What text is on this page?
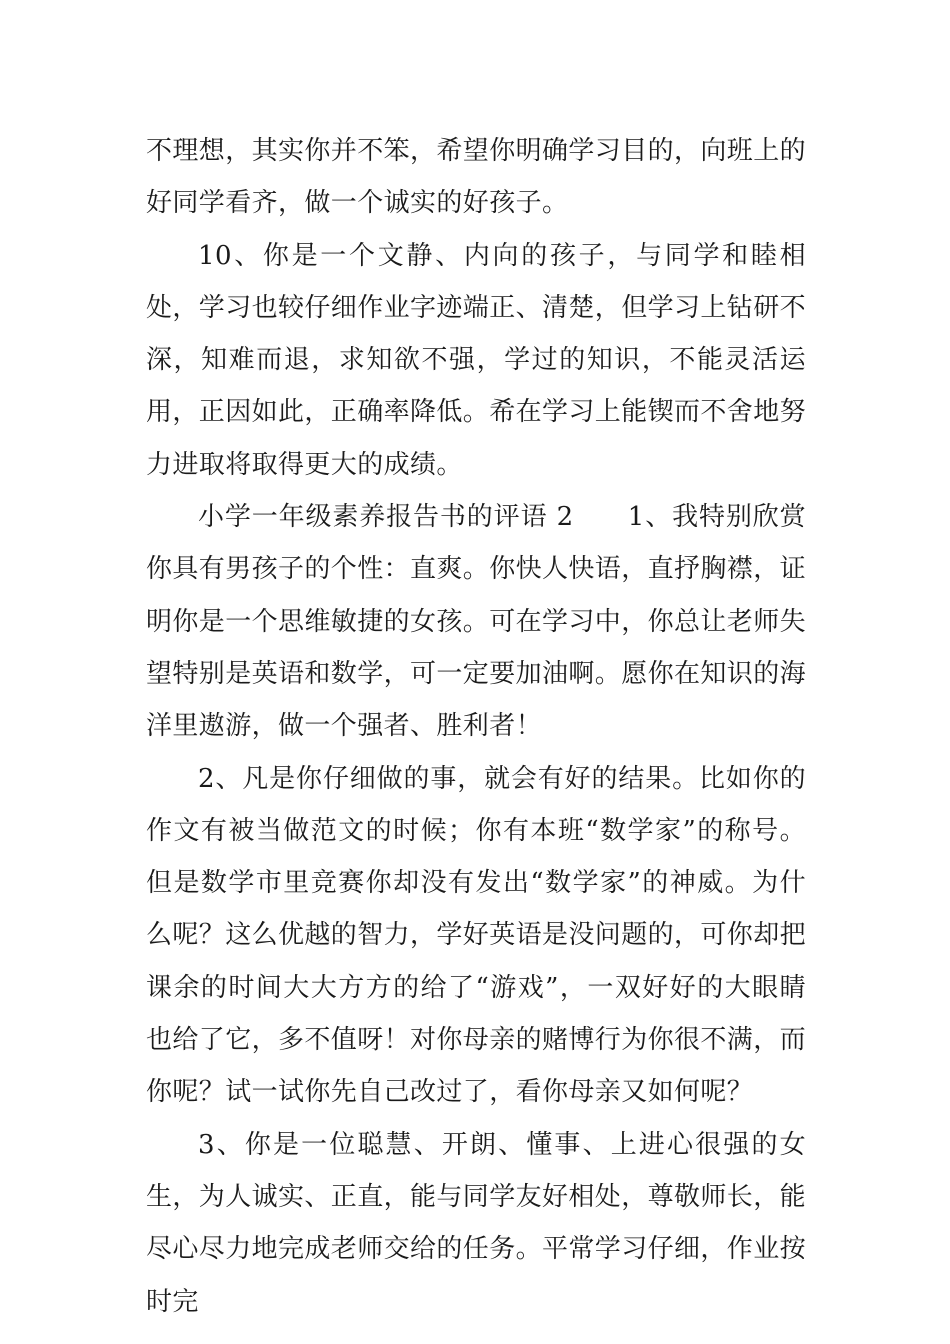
不理想，其实你并不笨，希望你明确学习目的，向班上的好同学看齐，做一个诚实的好孩子。

10、你是一个文静、内向的孩子，与同学和睦相处，学习也较仔细作业字迹端正、清楚，但学习上钻研不深，知难而退，求知欲不强，学过的知识，不能灵活运用，正因如此，正确率降低。希在学习上能锲而不舍地努力进取将取得更大的成绩。

小学一年级素养报告书的评语 2　　1、我特别欣赏你具有男孩子的个性：直爽。你快人快语，直抒胸襟，证明你是一个思维敏捷的女孩。可在学习中，你总让老师失望特别是英语和数学，可一定要加油啊。愿你在知识的海洋里遨游，做一个强者、胜利者！

2、凡是你仔细做的事，就会有好的结果。比如你的作文有被当做范文的时候；你有本班“数学家”的称号。但是数学市里竞赛你却没有发出“数学家”的神威。为什么呢？这么优越的智力，学好英语是没问题的，可你却把课余的时间大大方方的给了“游戏”，一双好好的大眼睛也给了它，多不值呀！对你母亲的赌博行为你很不满，而你呢？试一试你先自己改过了，看你母亲又如何呢？

3、你是一位聪慧、开朗、懂事、上进心很强的女生，为人诚实、正直，能与同学友好相处，尊敬师长，能尽心尽力地完成老师交给的任务。平常学习仔细，作业按时完
